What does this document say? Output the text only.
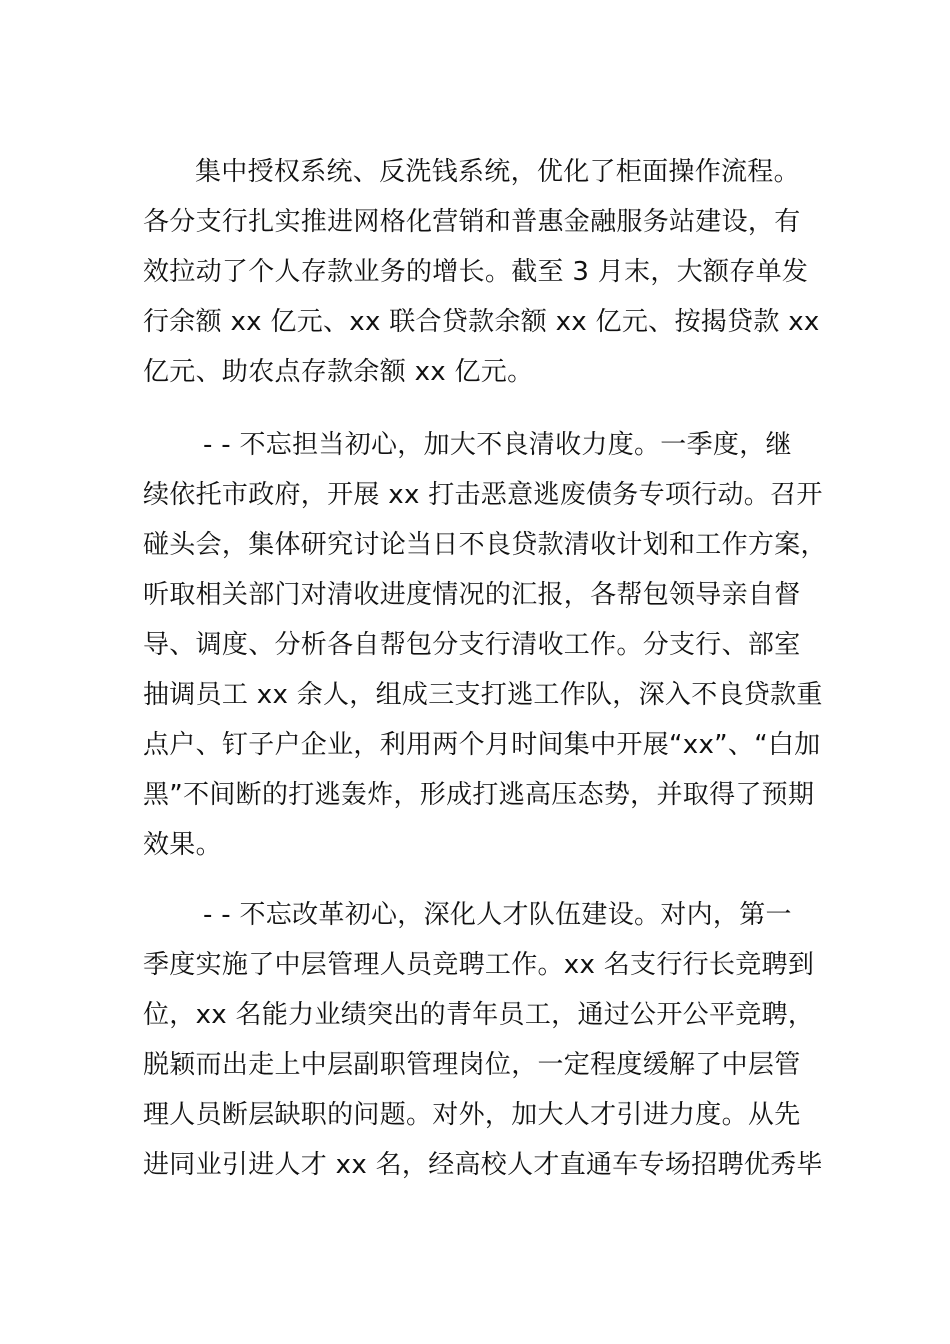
集中授权系统、反洗钱系统，优化了柜面操作流程。
各分支行扎实推进网格化营销和普惠金融服务站建设，有
效拉动了个人存款业务的增长。截至 3 月末，大额存单发
行余额 xx 亿元、xx 联合贷款余额 xx 亿元、按揭贷款 xx
亿元、助农点存款余额 xx 亿元。
- - 不忘担当初心，加大不良清收力度。一季度，继
续依托市政府，开展 xx 打击恶意逃废债务专项行动。召开
碰头会，集体研究讨论当日不良贷款清收计划和工作方案，
听取相关部门对清收进度情况的汇报，各帮包领导亲自督
导、调度、分析各自帮包分支行清收工作。分支行、部室
抽调员工 xx 余人，组成三支打逃工作队，深入不良贷款重
点户、钉子户企业，利用两个月时间集中开展“xx”、“白加
黑”不间断的打逃轰炸，形成打逃高压态势，并取得了预期
效果。
- - 不忘改革初心，深化人才队伍建设。对内，第一
季度实施了中层管理人员竞聘工作。xx 名支行行长竞聘到
位，xx 名能力业绩突出的青年员工，通过公开公平竞聘，
脱颖而出走上中层副职管理岗位，一定程度缓解了中层管
理人员断层缺职的问题。对外，加大人才引进力度。从先
进同业引进人才 xx 名，经高校人才直通车专场招聘优秀毕
